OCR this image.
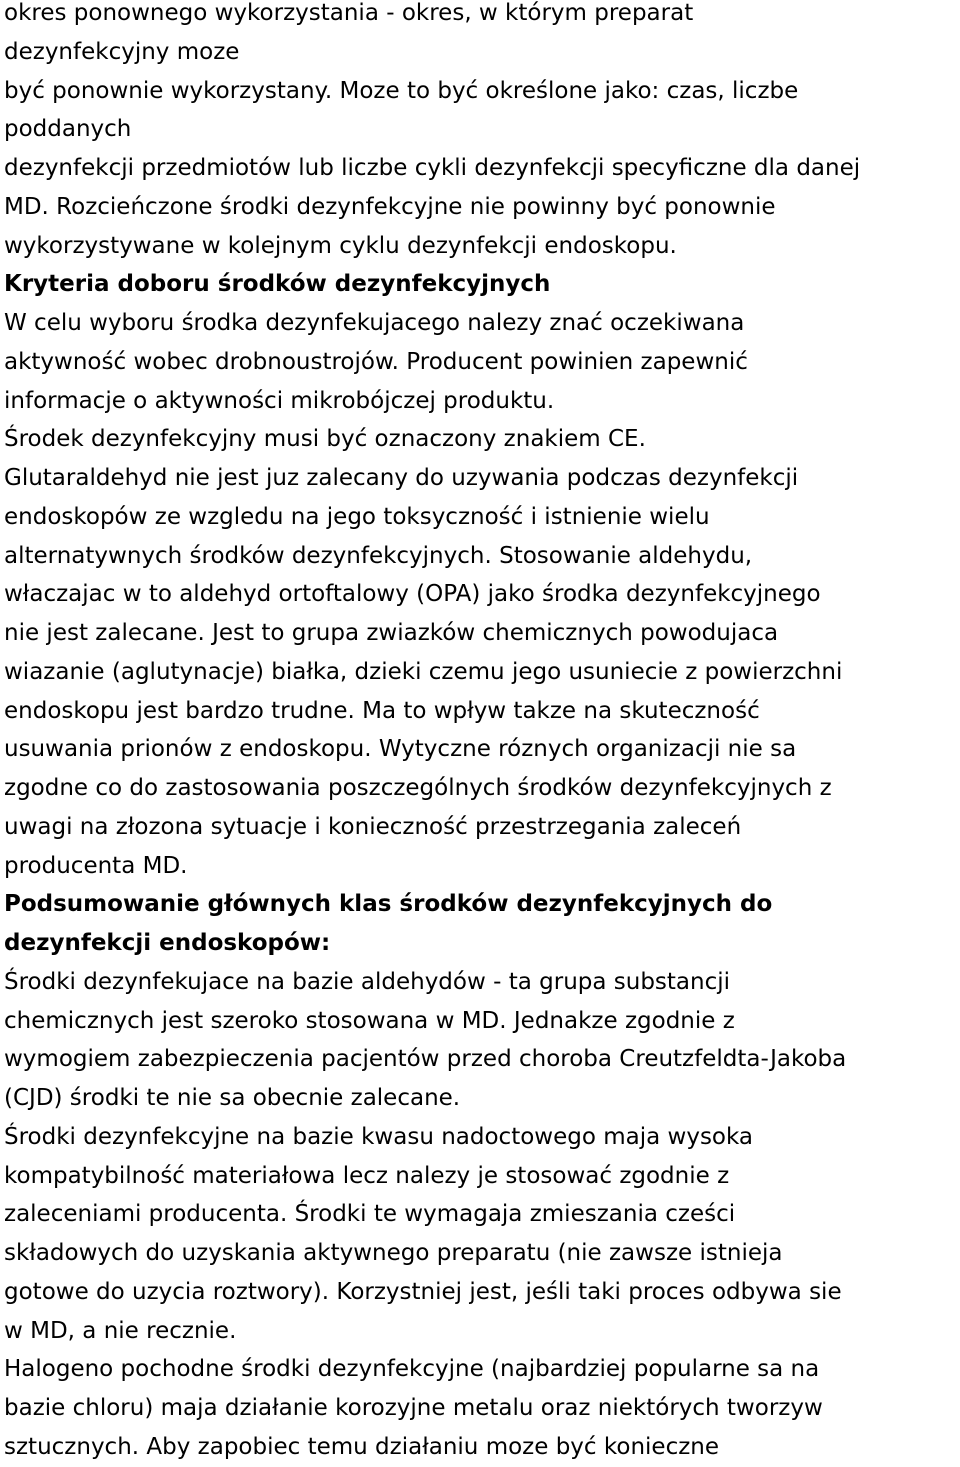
okres ponownego wykorzystania - okres, w którym preparat
dezynfekcyjny moze
być ponownie wykorzystany. Moze to być określone jako: czas, liczbe
poddanych
dezynfekcji przedmiotów lub liczbe cykli dezynfekcji specyficzne dla danej
MD. Rozcieńczone środki dezynfekcyjne nie powinny być ponownie
wykorzystywane w kolejnym cyklu dezynfekcji endoskopu.
Kryteria doboru środków dezynfekcyjnych
W celu wyboru środka dezynfekujacego nalezy znać oczekiwana
aktywność wobec drobnoustrojów. Producent powinien zapewnić
informacje o aktywności mikrobójczej produktu.
Środek dezynfekcyjny musi być oznaczony znakiem CE.
Glutaraldehyd nie jest juz zalecany do uzywania podczas dezynfekcji
endoskopów ze wzgledu na jego toksyczność i istnienie wielu
alternatywnych środków dezynfekcyjnych. Stosowanie aldehydu,
właczajac w to aldehyd ortoftalowy (OPA) jako środka dezynfekcyjnego
nie jest zalecane. Jest to grupa zwiazków chemicznych powodujaca
wiazanie (aglutynacje) białka, dzieki czemu jego usuniecie z powierzchni
endoskopu jest bardzo trudne. Ma to wpływ takze na skuteczność
usuwania prionów z endoskopu. Wytyczne róznych organizacji nie sa
zgodne co do zastosowania poszczególnych środków dezynfekcyjnych z
uwagi na złozona sytuacje i konieczność przestrzegania zaleceń
producenta MD.
Podsumowanie głównych klas środków dezynfekcyjnych do
dezynfekcji endoskopów:
Środki dezynfekujace na bazie aldehydów - ta grupa substancji
chemicznych jest szeroko stosowana w MD. Jednakze zgodnie z
wymogiem zabezpieczenia pacjentów przed choroba Creutzfeldta-Jakoba
(CJD) środki te nie sa obecnie zalecane.
Środki dezynfekcyjne na bazie kwasu nadoctowego maja wysoka
kompatybilność materiałowa lecz nalezy je stosować zgodnie z
zaleceniami producenta. Środki te wymagaja zmieszania cześci
składowych do uzyskania aktywnego preparatu (nie zawsze istnieja
gotowe do uzycia roztwory). Korzystniej jest, jeśli taki proces odbywa sie
w MD, a nie recznie.
Halogeno pochodne środki dezynfekcyjne (najbardziej popularne sa na
bazie chloru) maja działanie korozyjne metalu oraz niektórych tworzyw
sztucznych. Aby zapobiec temu działaniu moze być konieczne
